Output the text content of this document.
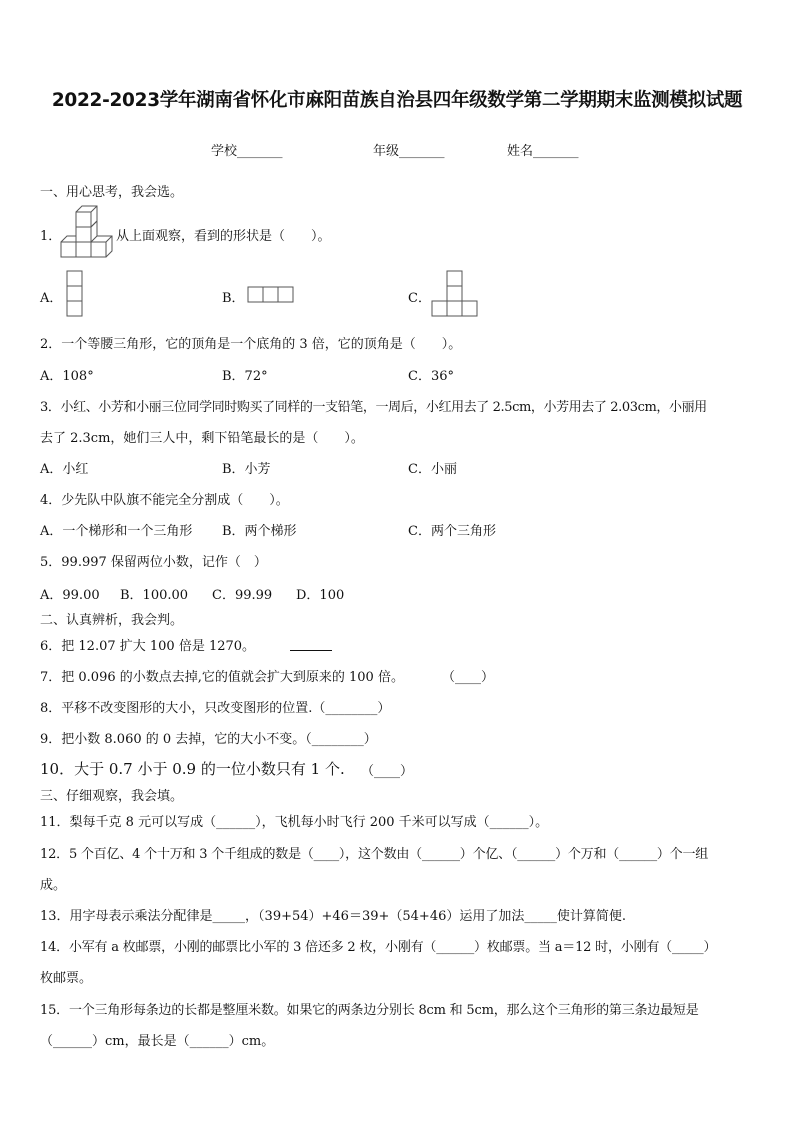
2022-2023学年湖南省怀化市麻阳苗族自治县四年级数学第二学期期末监测模拟试题
学校_______	年级_______	姓名_______
一、用心思考，我会选。
1．	从上面观察，看到的形状是（　　）。
A．	B．	C．
2．一个等腰三角形，它的顶角是一个底角的 3 倍，它的顶角是（　　）。
A．108°	B．72°	C．36°
3．小红、小芳和小丽三位同学同时购买了同样的一支铅笔，一周后，小红用去了 2.5cm，小芳用去了 2.03cm，小丽用
去了 2.3cm，她们三人中，剩下铅笔最长的是（　　）。
A．小红	B．小芳	C．小丽
4．少先队中队旗不能完全分割成（　　）。
A．一个梯形和一个三角形 B．两个梯形	C．两个三角形
5．99.997 保留两位小数，记作（　）
A．99.00 B．100.00 C．99.99 D．100
二、认真辨析，我会判。
6．把 12.07 扩大 100 倍是 1270。
7．把 0.096 的小数点去掉,它的值就会扩大到原来的 100 倍。	（____）
8．平移不改变图形的大小，只改变图形的位置.（________）
9．把小数 8.060 的 0 去掉，它的大小不变。（________）
10．大于 0.7 小于 0.9 的一位小数只有 1 个. （____）
三、仔细观察，我会填。
11．梨每千克 8 元可以写成（______），飞机每小时飞行 200 千米可以写成（______）。
12．5 个百亿、4 个十万和 3 个千组成的数是（____），这个数由（______）个亿、（______）个万和（______）个一组
成。
13．用字母表示乘法分配律是_____，（39+54）+46＝39+（54+46）运用了加法_____使计算简便.
14．小军有 a 枚邮票，小刚的邮票比小军的 3 倍还多 2 枚，小刚有（______）枚邮票。当 a＝12 时，小刚有（_____）
枚邮票。
15．一个三角形每条边的长都是整厘米数。如果它的两条边分别长 8cm 和 5cm，那么这个三角形的第三条边最短是
（______）cm，最长是（______）cm。
